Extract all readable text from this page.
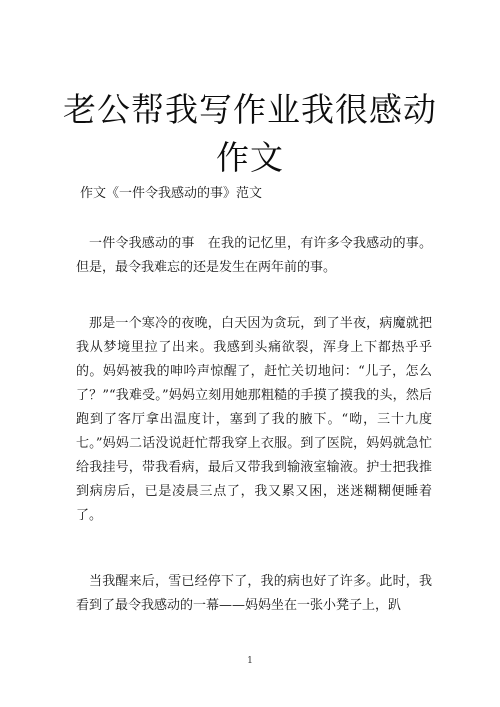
老公帮我写作业我很感动
作文
作文《一件令我感动的事》范文

一件令我感动的事　在我的记忆里，有许多令我感动的事。但是，最令我难忘的还是发生在两年前的事。

那是一个寒冷的夜晚，白天因为贪玩，到了半夜，病魔就把我从梦境里拉了出来。我感到头痛欲裂，浑身上下都热乎乎的。妈妈被我的呻吟声惊醒了，赶忙关切地问：“儿子，怎么了？”“我难受。”妈妈立刻用她那粗糙的手摸了摸我的头，然后跑到了客厅拿出温度计，塞到了我的腋下。“呦，三十九度七。”妈妈二话没说赶忙帮我穿上衣服。到了医院，妈妈就急忙给我挂号，带我看病，最后又带我到输液室输液。护士把我推到病房后，已是凌晨三点了，我又累又困，迷迷糊糊便睡着了。

当我醒来后，雪已经停下了，我的病也好了许多。此时，我看到了最令我感动的一幕——妈妈坐在一张小凳子上，趴

1
